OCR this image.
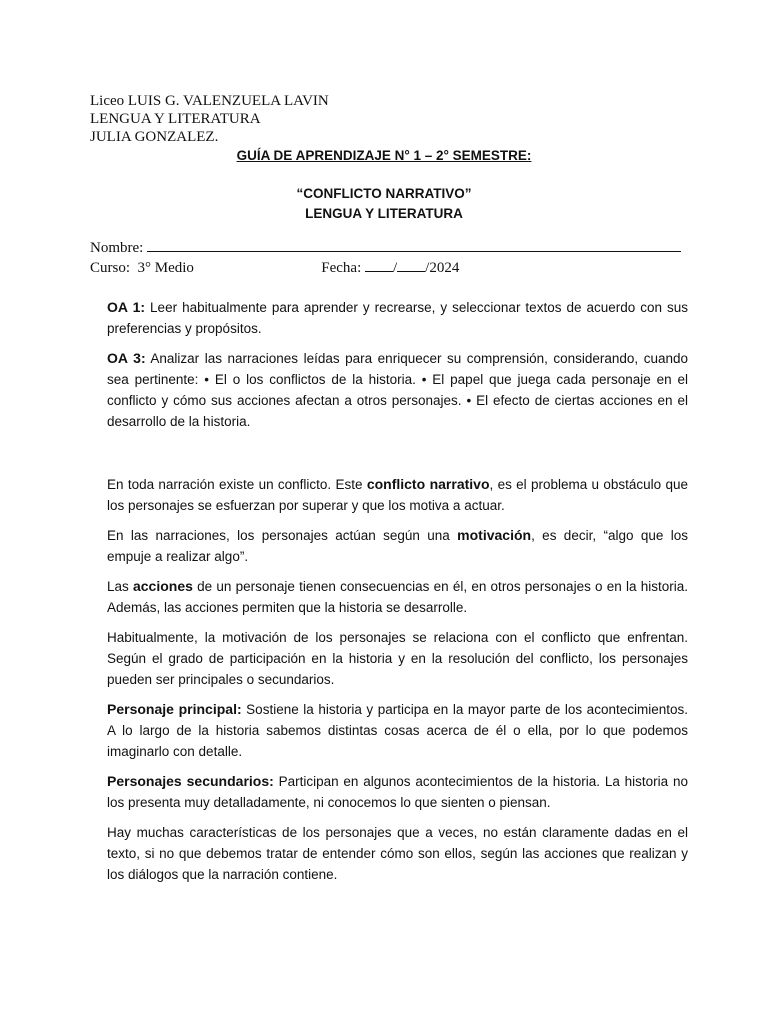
Liceo LUIS G. VALENZUELA LAVIN
LENGUA Y LITERATURA
JULIA GONZALEZ.
GUÍA DE APRENDIZAJE N° 1 – 2° SEMESTRE:
“CONFLICTO NARRATIVO”
LENGUA Y LITERATURA
Nombre:
Curso: 3° Medio	Fecha: / /2024

OA 1: Leer habitualmente para aprender y recrearse, y seleccionar textos de acuerdo con sus preferencias y propósitos.

OA 3: Analizar las narraciones leídas para enriquecer su comprensión, considerando, cuando sea pertinente: • El o los conflictos de la historia. • El papel que juega cada personaje en el conflicto y cómo sus acciones afectan a otros personajes. • El efecto de ciertas acciones en el desarrollo de la historia.

En toda narración existe un conflicto. Este conflicto narrativo, es el problema u obstáculo que los personajes se esfuerzan por superar y que los motiva a actuar.

En las narraciones, los personajes actúan según una motivación, es decir, “algo que los empuje a realizar algo”.

Las acciones de un personaje tienen consecuencias en él, en otros personajes o en la historia. Además, las acciones permiten que la historia se desarrolle.

Habitualmente, la motivación de los personajes se relaciona con el conflicto que enfrentan. Según el grado de participación en la historia y en la resolución del conflicto, los personajes pueden ser principales o secundarios.

Personaje principal: Sostiene la historia y participa en la mayor parte de los acontecimientos. A lo largo de la historia sabemos distintas cosas acerca de él o ella, por lo que podemos imaginarlo con detalle.

Personajes secundarios: Participan en algunos acontecimientos de la historia. La historia no los presenta muy detalladamente, ni conocemos lo que sienten o piensan.

Hay muchas características de los personajes que a veces, no están claramente dadas en el texto, si no que debemos tratar de entender cómo son ellos, según las acciones que realizan y los diálogos que la narración contiene.
